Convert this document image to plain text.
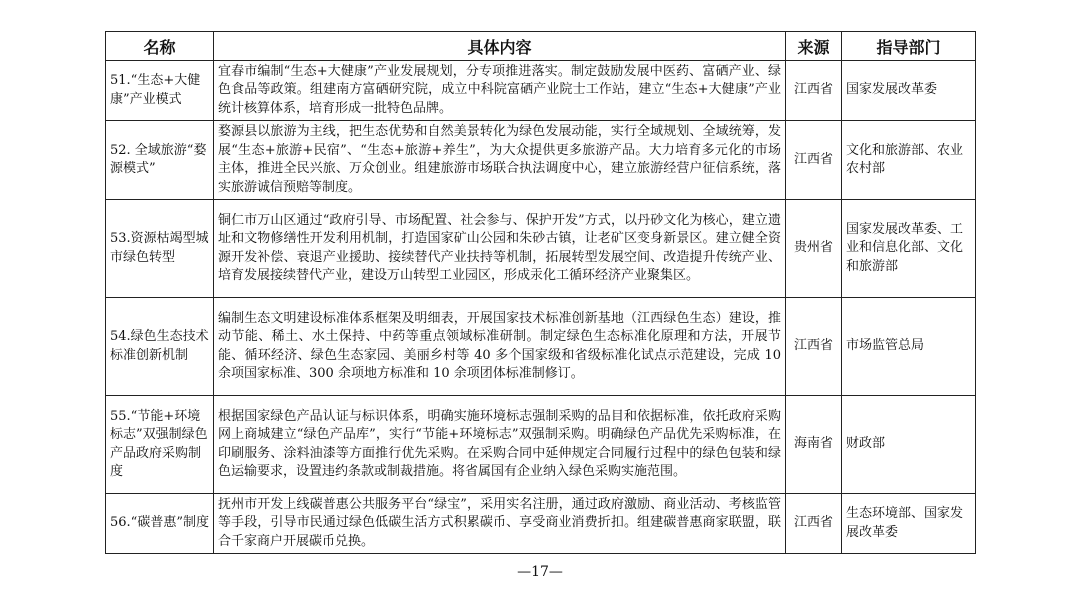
名称	具体内容	来源	指导部门
51.“生态+大健康”产业模式	宜春市编制“生态+大健康”产业发展规划，分专项推进落实。制定鼓励发展中医药、富硒产业、绿色食品等政策。组建南方富硒研究院，成立中科院富硒产业院士工作站，建立“生态+大健康”产业统计核算体系，培育形成一批特色品牌。	江西省	国家发展改革委
52. 全域旅游“婺源模式”	婺源县以旅游为主线，把生态优势和自然美景转化为绿色发展动能，实行全域规划、全域统筹，发展“生态+旅游+民宿”、“生态+旅游+养生”，为大众提供更多旅游产品。大力培育多元化的市场主体，推进全民兴旅、万众创业。组建旅游市场联合执法调度中心，建立旅游经营户征信系统，落实旅游诚信预赔等制度。	江西省	文化和旅游部、农业农村部
53.资源枯竭型城市绿色转型	铜仁市万山区通过“政府引导、市场配置、社会参与、保护开发”方式，以丹砂文化为核心，建立遗址和文物修缮性开发利用机制，打造国家矿山公园和朱砂古镇，让老矿区变身新景区。建立健全资源开发补偿、衰退产业援助、接续替代产业扶持等机制，拓展转型发展空间、改造提升传统产业、培育发展接续替代产业，建设万山转型工业园区，形成汞化工循环经济产业聚集区。	贵州省	国家发展改革委、工业和信息化部、文化和旅游部
54.绿色生态技术标准创新机制	编制生态文明建设标准体系框架及明细表，开展国家技术标准创新基地（江西绿色生态）建设，推动节能、稀土、水土保持、中药等重点领域标准研制。制定绿色生态标准化原理和方法，开展节能、循环经济、绿色生态家园、美丽乡村等 40 多个国家级和省级标准化试点示范建设，完成 10 余项国家标准、300 余项地方标准和 10 余项团体标准制修订。	江西省	市场监管总局
55.“节能+环境标志”双强制绿色产品政府采购制度	根据国家绿色产品认证与标识体系，明确实施环境标志强制采购的品目和依据标准，依托政府采购网上商城建立“绿色产品库”，实行“节能+环境标志”双强制采购。明确绿色产品优先采购标准，在印刷服务、涂料油漆等方面推行优先采购。在采购合同中延伸规定合同履行过程中的绿色包装和绿色运输要求，设置违约条款或制裁措施。将省属国有企业纳入绿色采购实施范围。	海南省	财政部
56.“碳普惠”制度	抚州市开发上线碳普惠公共服务平台“绿宝”，采用实名注册，通过政府激励、商业活动、考核监管等手段，引导市民通过绿色低碳生活方式积累碳币、享受商业消费折扣。组建碳普惠商家联盟，联合千家商户开展碳币兑换。	江西省	生态环境部、国家发展改革委
—17—
